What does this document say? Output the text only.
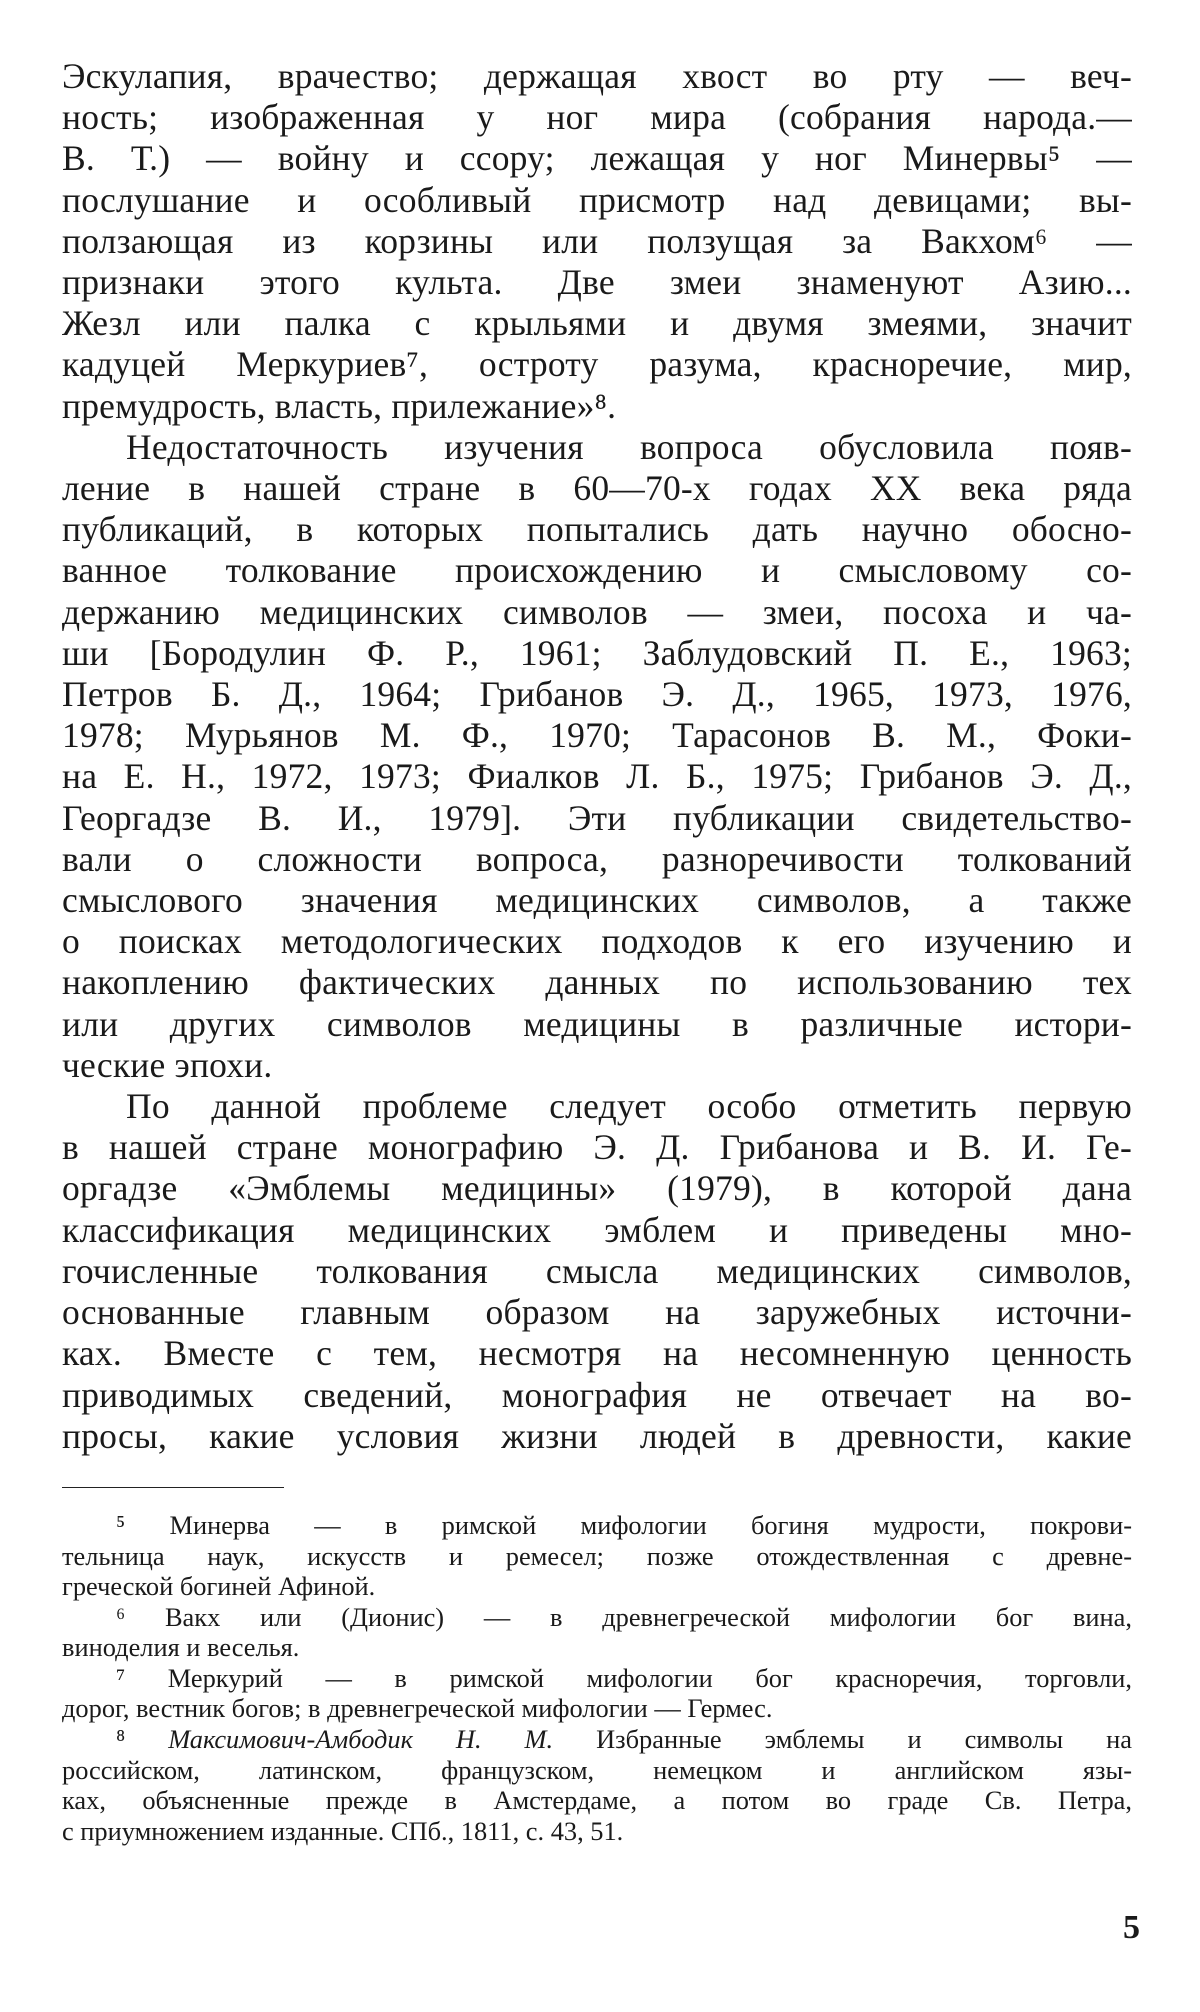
Эскулапия, врачество; держащая хвост во рту — веч-
ность; изображенная у ног мира (собрания народа.—
В. Т.) — войну и ссору; лежащая у ног Минервы⁵ —
послушание и особливый присмотр над девицами; вы-
ползающая из корзины или ползущая за Вакхом⁶ —
признаки этого культа. Две змеи знаменуют Азию...
Жезл или палка с крыльями и двумя змеями, значит
кадуцей Меркуриев⁷, остроту разума, красноречие, мир,
премудрость, власть, прилежание»⁸.
Недостаточность изучения вопроса обусловила появ-
ление в нашей стране в 60—70-х годах XX века ряда
публикаций, в которых попытались дать научно обосно-
ванное толкование происхождению и смысловому со-
держанию медицинских символов — змеи, посоха и ча-
ши [Бородулин Ф. Р., 1961; Заблудовский П. Е., 1963;
Петров Б. Д., 1964; Грибанов Э. Д., 1965, 1973, 1976,
1978; Мурьянов М. Ф., 1970; Тарасонов В. М., Фоки-
на Е. Н., 1972, 1973; Фиалков Л. Б., 1975; Грибанов Э. Д.,
Георгадзе В. И., 1979]. Эти публикации свидетельство-
вали о сложности вопроса, разноречивости толкований
смыслового значения медицинских символов, а также
о поисках методологических подходов к его изучению и
накоплению фактических данных по использованию тех
или других символов медицины в различные истори-
ческие эпохи.
По данной проблеме следует особо отметить первую
в нашей стране монографию Э. Д. Грибанова и В. И. Ге-
оргадзе «Эмблемы медицины» (1979), в которой дана
классификация медицинских эмблем и приведены мно-
гочисленные толкования смысла медицинских символов,
основанные главным образом на заружебных источни-
ках. Вместе с тем, несмотря на несомненную ценность
приводимых сведений, монография не отвечает на во-
просы, какие условия жизни людей в древности, какие
⁵ Минерва — в римской мифологии богиня мудрости, покрови-
тельница наук, искусств и ремесел; позже отождествленная с древне-
греческой богиней Афиной.
⁶ Вакх или (Дионис) — в древнегреческой мифологии бог вина,
виноделия и веселья.
⁷ Меркурий — в римской мифологии бог красноречия, торговли,
дорог, вестник богов; в древнегреческой мифологии — Гермес.
⁸ Максимович-Амбодик Н. М. Избранные эмблемы и символы на
российском, латинском, французском, немецком и английском язы-
ках, объясненные прежде в Амстердаме, а потом во граде Св. Петра,
с приумножением изданные. СПб., 1811, с. 43, 51.
5
